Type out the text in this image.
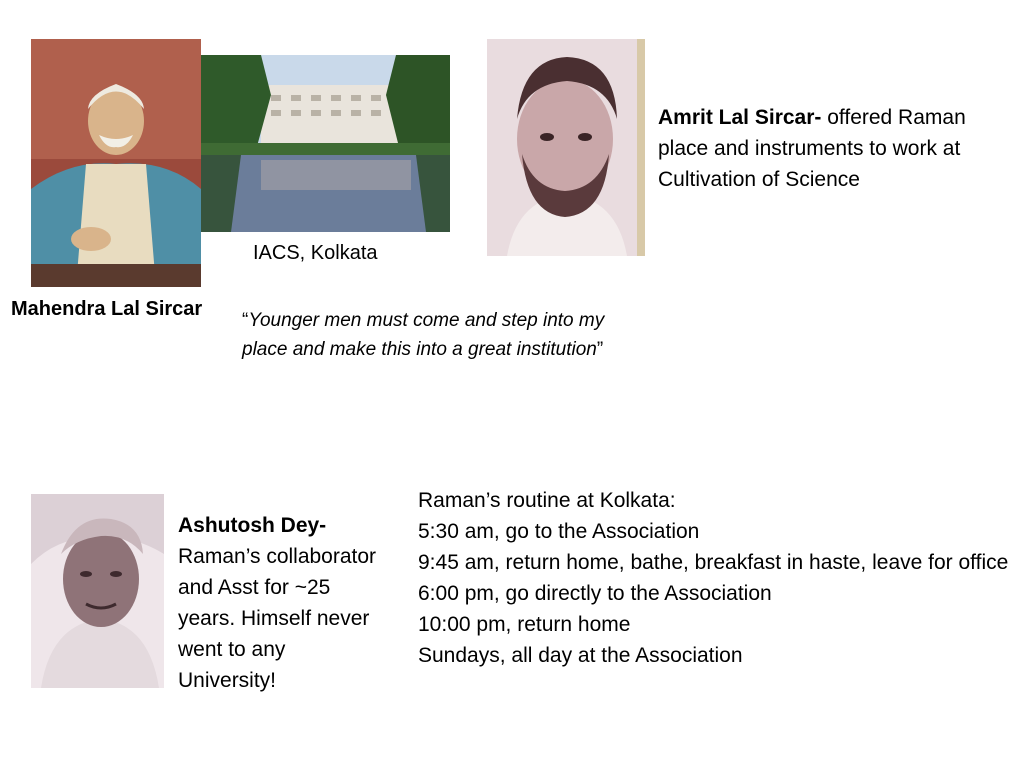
IACS, Kolkata
Mahendra Lal Sircar
“Younger men must come and step into my place and make this into a great institution”
Amrit Lal Sircar- offered Raman place and instruments to work at Cultivation of Science
Ashutosh Dey-
Raman’s collaborator and Asst for ~25 years. Himself never went to any University!
Raman’s routine at Kolkata:
5:30 am, go to the Association
9:45 am, return home, bathe, breakfast in haste, leave for office
6:00 pm, go directly to the Association
10:00 pm, return home
Sundays, all day at the Association
